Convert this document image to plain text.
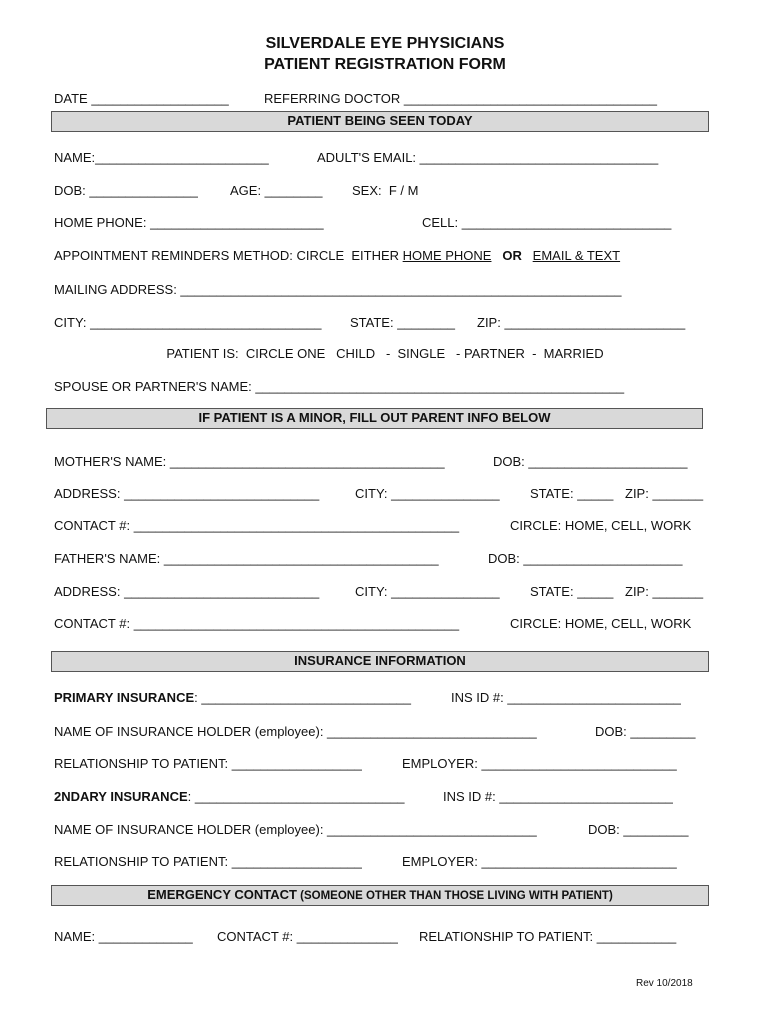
SILVERDALE EYE PHYSICIANS
PATIENT REGISTRATION FORM
DATE ___________________	REFERRING DOCTOR ___________________________________
PATIENT BEING SEEN TODAY
NAME:________________________	ADULT'S EMAIL: _________________________________
DOB: _______________ AGE: ________ SEX:  F / M
HOME PHONE: ________________________	CELL: _____________________________
APPOINTMENT REMINDERS METHOD: CIRCLE  EITHER HOME PHONE OR EMAIL & TEXT
MAILING ADDRESS: _____________________________________________________________
CITY: ________________________________ STATE: ________ ZIP: _________________________
PATIENT IS:  CIRCLE ONE   CHILD   -  SINGLE   - PARTNER  -  MARRIED
SPOUSE OR PARTNER'S NAME: ___________________________________________________
IF PATIENT IS A MINOR, FILL OUT PARENT INFO BELOW
MOTHER'S NAME: ______________________________________	DOB: ______________________
ADDRESS: ___________________________	CITY: _______________ STATE: _____ ZIP: _______
CONTACT #: _____________________________________________	CIRCLE: HOME, CELL, WORK
FATHER'S NAME: ______________________________________	DOB: ______________________
ADDRESS: ___________________________	CITY: _______________ STATE: _____ ZIP: _______
CONTACT #: _____________________________________________	CIRCLE: HOME, CELL, WORK
INSURANCE INFORMATION
PRIMARY INSURANCE: _____________________________	INS ID #: ________________________
NAME OF INSURANCE HOLDER (employee): _____________________________	DOB: _________
RELATIONSHIP TO PATIENT: __________________	EMPLOYER: ___________________________
2NDARY INSURANCE: _____________________________	INS ID #: ________________________
NAME OF INSURANCE HOLDER (employee): _____________________________	DOB: _________
RELATIONSHIP TO PATIENT: __________________	EMPLOYER: ___________________________
EMERGENCY CONTACT (SOMEONE OTHER THAN THOSE LIVING WITH PATIENT)
NAME: _____________ CONTACT #: ______________ RELATIONSHIP TO PATIENT: ___________
Rev 10/2018
